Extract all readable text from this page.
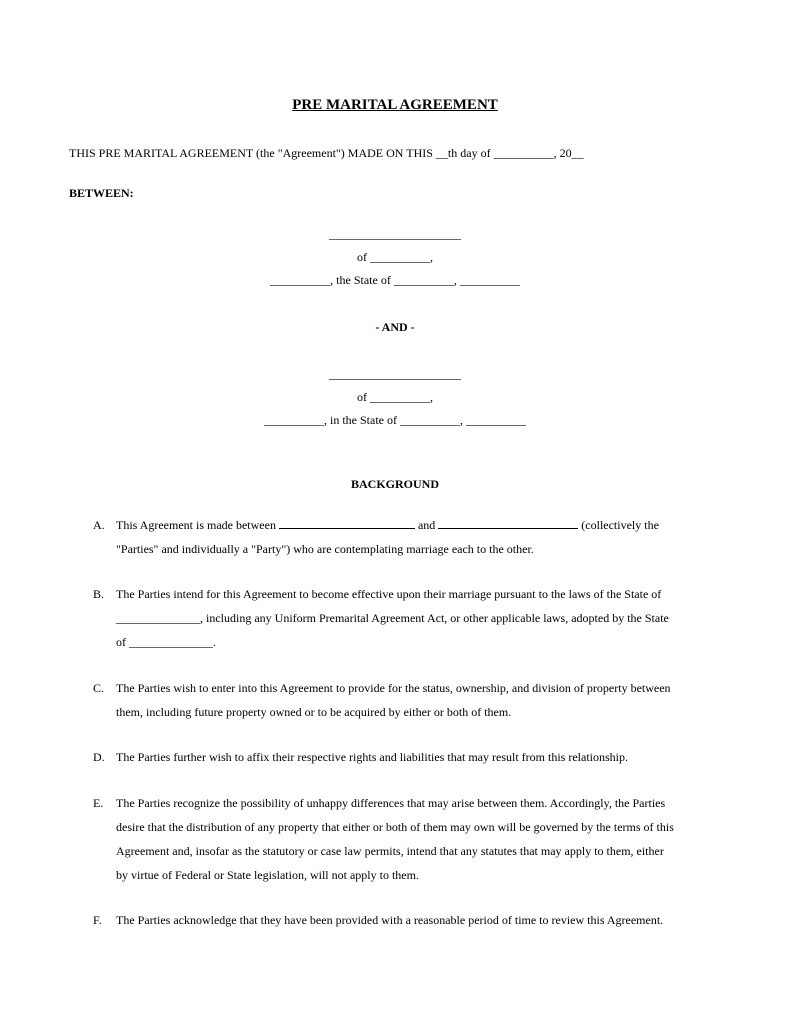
PRE MARITAL AGREEMENT
THIS PRE MARITAL AGREEMENT (the "Agreement") MADE ON THIS __th day of __________, 20__
BETWEEN:
______________________
of __________,
__________, the State of __________, __________
- AND -
______________________
of __________,
__________, in the State of __________, __________
BACKGROUND
A. This Agreement is made between	and	(collectively the

"Parties" and individually a "Party") who are contemplating marriage each to the other.

B. The Parties intend for this Agreement to become effective upon their marriage pursuant to the laws of the State of

______________, including any Uniform Premarital Agreement Act, or other applicable laws, adopted by the State

of ______________.

C. The Parties wish to enter into this Agreement to provide for the status, ownership, and division of property between

them, including future property owned or to be acquired by either or both of them.

D. The Parties further wish to affix their respective rights and liabilities that may result from this relationship.

E. The Parties recognize the possibility of unhappy differences that may arise between them. Accordingly, the Parties

desire that the distribution of any property that either or both of them may own will be governed by the terms of this

Agreement and, insofar as the statutory or case law permits, intend that any statutes that may apply to them, either

by virtue of Federal or State legislation, will not apply to them.

F. The Parties acknowledge that they have been provided with a reasonable period of time to review this Agreement.
